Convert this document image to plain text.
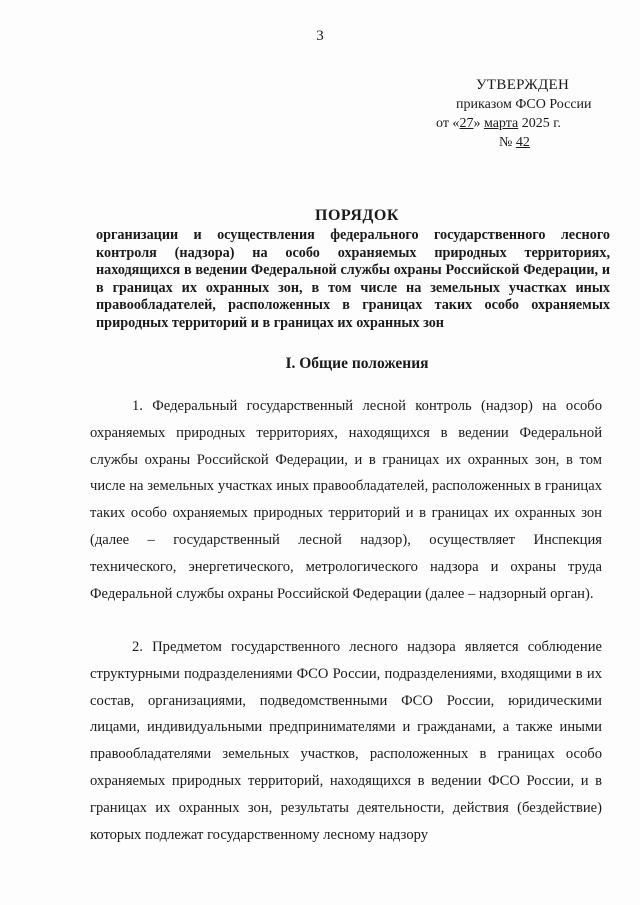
3
УТВЕРЖДЕН
приказом ФСО России
от «27» марта 2025 г.
№ 42
ПОРЯДОК
организации и осуществления федерального государственного лесного контроля (надзора) на особо охраняемых природных территориях, находящихся в ведении Федеральной службы охраны Российской Федерации, и в границах их охранных зон, в том числе на земельных участках иных правообладателей, расположенных в границах таких особо охраняемых природных территорий и в границах их охранных зон
I. Общие положения
1. Федеральный государственный лесной контроль (надзор) на особо охраняемых природных территориях, находящихся в ведении Федеральной службы охраны Российской Федерации, и в границах их охранных зон, в том числе на земельных участках иных правообладателей, расположенных в границах таких особо охраняемых природных территорий и в границах их охранных зон (далее – государственный лесной надзор), осуществляет Инспекция технического, энергетического, метрологического надзора и охраны труда Федеральной службы охраны Российской Федерации (далее – надзорный орган).
2. Предметом государственного лесного надзора является соблюдение структурными подразделениями ФСО России, подразделениями, входящими в их состав, организациями, подведомственными ФСО России, юридическими лицами, индивидуальными предпринимателями и гражданами, а также иными правообладателями земельных участков, расположенных в границах особо охраняемых природных территорий, находящихся в ведении ФСО России, и в границах их охранных зон, результаты деятельности, действия (бездействие) которых подлежат государственному лесному надзору
